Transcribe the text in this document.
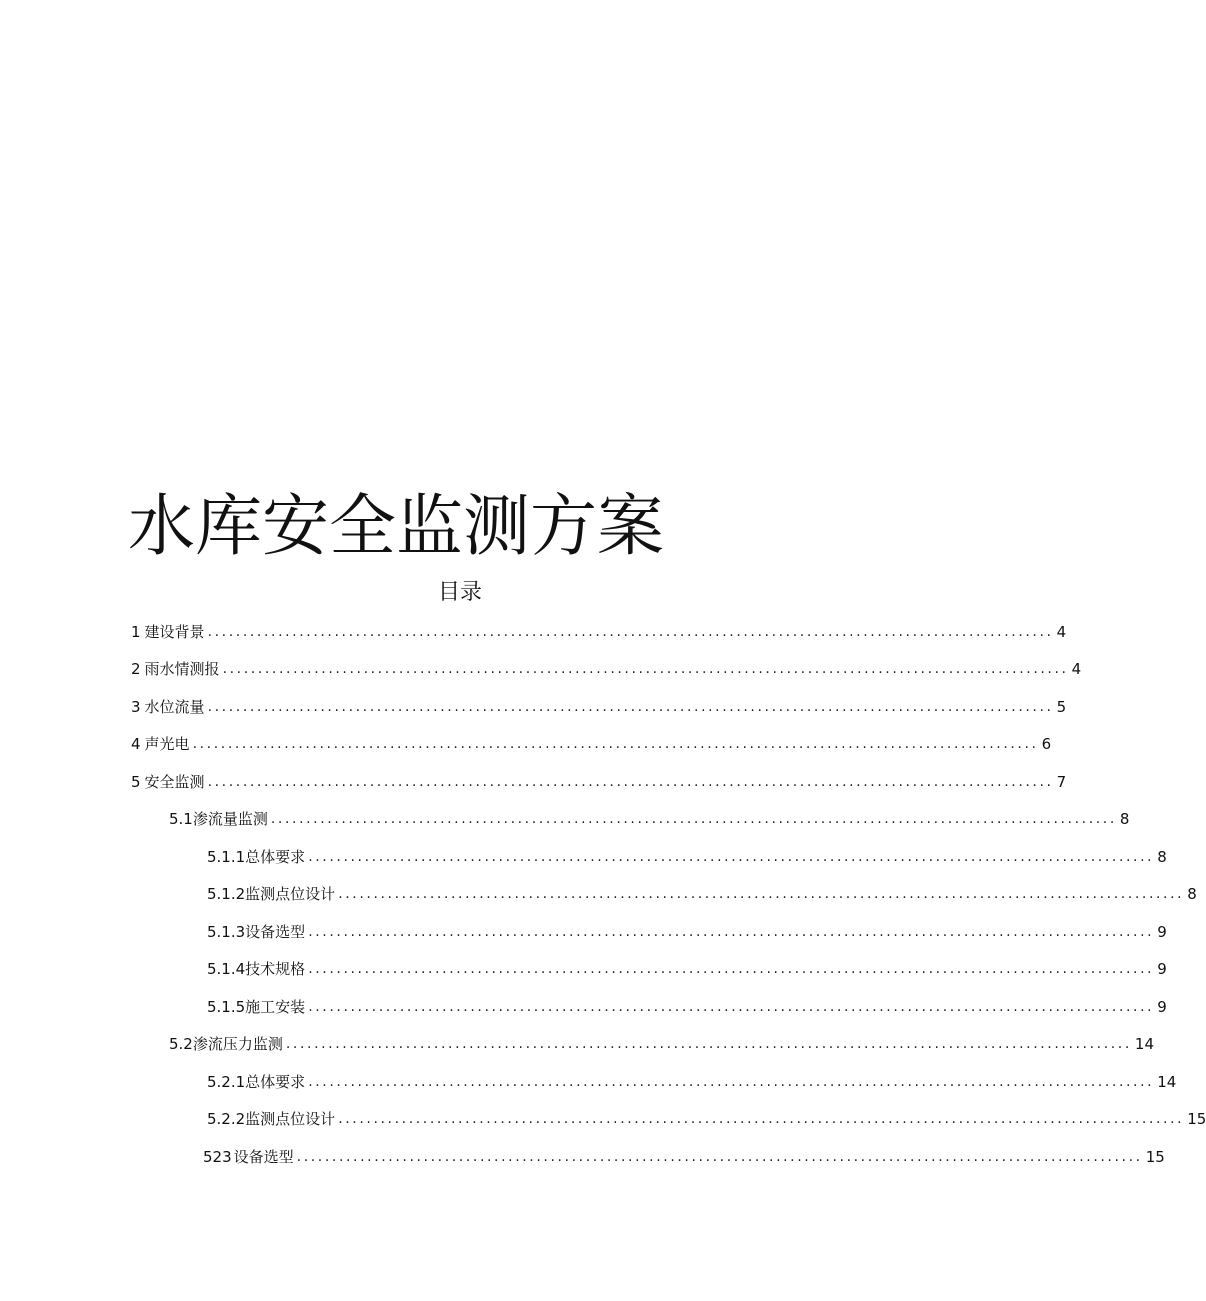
水库安全监测方案
目录
1 建设背景 ........................................................................................................................ 4
2 雨水情测报 ........................................................................................................................ 4
3 水位流量 ........................................................................................................................ 5
4 声光电 ........................................................................................................................ 6
5 安全监测 ........................................................................................................................ 7
5.1 渗流量监测 ........................................................................................................................ 8
5.1.1 总体要求 ........................................................................................................................ 8
5.1.2 监测点位设计 ........................................................................................................................ 8
5.1.3 设备选型 ........................................................................................................................ 9
5.1.4 技术规格 ........................................................................................................................ 9
5.1.5 施工安装 ........................................................................................................................ 9
5.2 渗流压力监测 ........................................................................................................................ 14
5.2.1 总体要求 ........................................................................................................................ 14
5.2.2 监测点位设计 ........................................................................................................................ 15
523 设备选型 ........................................................................................................................ 15
